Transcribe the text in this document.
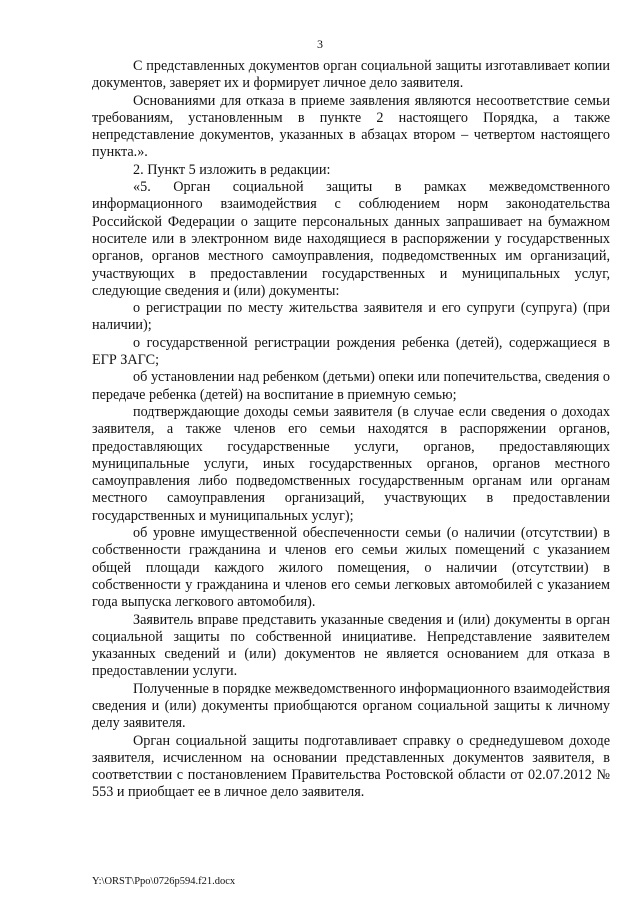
3

С представленных документов орган социальной защиты изготавливает копии документов, заверяет их и формирует личное дело заявителя.

Основаниями для отказа в приеме заявления являются несоответствие семьи требованиям, установленным в пункте 2 настоящего Порядка, а также непредставление документов, указанных в абзацах втором – четвертом настоящего пункта.».

2. Пункт 5 изложить в редакции:

«5. Орган социальной защиты в рамках межведомственного информационного взаимодействия с соблюдением норм законодательства Российской Федерации о защите персональных данных запрашивает на бумажном носителе или в электронном виде находящиеся в распоряжении у государственных органов, органов местного самоуправления, подведомственных им организаций, участвующих в предоставлении государственных и муниципальных услуг, следующие сведения и (или) документы:

о регистрации по месту жительства заявителя и его супруги (супруга) (при наличии);

о государственной регистрации рождения ребенка (детей), содержащиеся в ЕГР ЗАГС;

об установлении над ребенком (детьми) опеки или попечительства, сведения о передаче ребенка (детей) на воспитание в приемную семью;

подтверждающие доходы семьи заявителя (в случае если сведения о доходах заявителя, а также членов его семьи находятся в распоряжении органов, предоставляющих государственные услуги, органов, предоставляющих муниципальные услуги, иных государственных органов, органов местного самоуправления либо подведомственных государственным органам или органам местного самоуправления организаций, участвующих в предоставлении государственных и муниципальных услуг);

об уровне имущественной обеспеченности семьи (о наличии (отсутствии) в собственности гражданина и членов его семьи жилых помещений с указанием общей площади каждого жилого помещения, о наличии (отсутствии) в собственности у гражданина и членов его семьи легковых автомобилей с указанием года выпуска легкового автомобиля).

Заявитель вправе представить указанные сведения и (или) документы в орган социальной защиты по собственной инициативе. Непредставление заявителем указанных сведений и (или) документов не является основанием для отказа в предоставлении услуги.

Полученные в порядке межведомственного информационного взаимодействия сведения и (или) документы приобщаются органом социальной защиты к личному делу заявителя.

Орган социальной защиты подготавливает справку о среднедушевом доходе заявителя, исчисленном на основании представленных документов заявителя, в соответствии с постановлением Правительства Ростовской области от 02.07.2012 № 553 и приобщает ее в личное дело заявителя.

Y:\ORST\Ppo\0726p594.f21.docx
